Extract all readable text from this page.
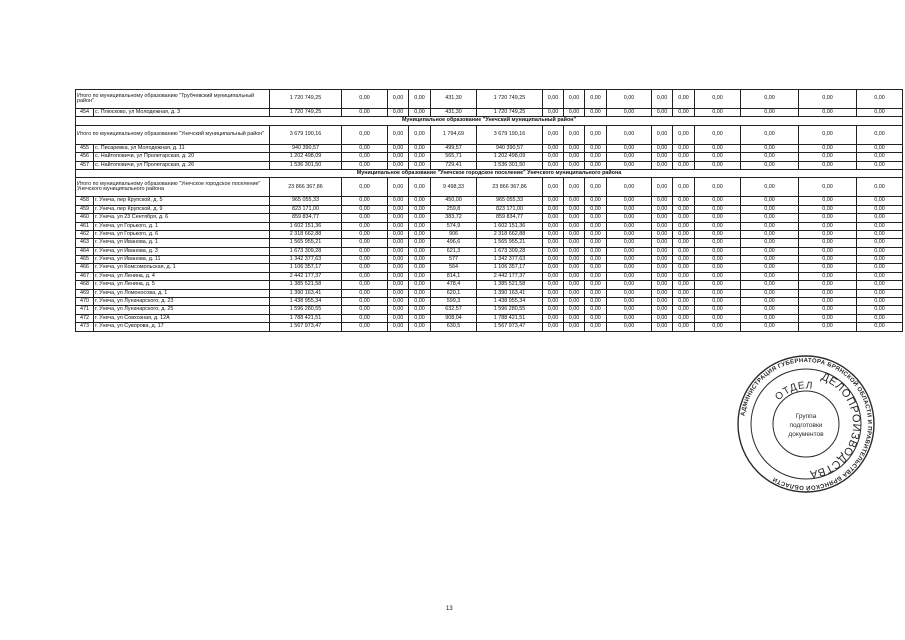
Итого по муниципальному образованию "Трубчевский муниципальный район"		1 720 749,25	0,00	0,00	0,00	431,30	1 720 749,25	0,00	0,00	0,00	0,00	0,00	0,00	0,00	0,00	0,00	0,00
454	с. Плюсково, ул Молодежная, д. 3	1 720 749,25	0,00	0,00	0,00	431,30	1 720 749,25	0,00	0,00	0,00	0,00	0,00	0,00	0,00	0,00	0,00	0,00
Муниципальное образование "Унечский муниципальный район"																	
Итого по муниципальному образованию "Унечский муниципальный район"		3 679 190,16	0,00	0,00	0,00	1 794,69	3 679 190,16	0,00	0,00	0,00	0,00	0,00	0,00	0,00	0,00	0,00	0,00
455	с. Писаревка, ул Молодежная, д. 11	940 390,57	0,00	0,00	0,00	499,57	940 390,57	0,00	0,00	0,00	0,00	0,00	0,00	0,00	0,00	0,00	0,00
456	с. Найтоповичи, ул Пролетарская, д. 20	1 202 498,09	0,00	0,00	0,00	565,71	1 202 498,09	0,00	0,00	0,00	0,00	0,00	0,00	0,00	0,00	0,00	0,00
457	с. Найтоповичи, ул Пролетарская, д. 26	1 536 301,50	0,00	0,00	0,00	729,41	1 536 301,50	0,00	0,00	0,00	0,00	0,00	0,00	0,00	0,00	0,00	0,00
Муниципальное образование "Унечское городское поселение" Унечского муниципального района																	
Итого по муниципальному образованию "Унечское городское поселение" Унечского муниципального района		23 866 367,86	0,00	0,00	0,00	9 498,33	23 866 367,86	0,00	0,00	0,00	0,00	0,00	0,00	0,00	0,00	0,00	0,00
458	г. Унеча, пер Крупской, д. 5	965 055,33	0,00	0,00	0,00	450,00	965 055,33	0,00	0,00	0,00	0,00	0,00	0,00	0,00	0,00	0,00	0,00
459	г. Унеча, пер Крупской, д. 9	823 171,00	0,00	0,00	0,00	259,8	823 171,00	0,00	0,00	0,00	0,00	0,00	0,00	0,00	0,00	0,00	0,00
460	г. Унеча, ул 23 Сентября, д. 6	859 834,77	0,00	0,00	0,00	383,72	859 834,77	0,00	0,00	0,00	0,00	0,00	0,00	0,00	0,00	0,00	0,00
461	г. Унеча, ул Горького, д. 1	1 602 151,36	0,00	0,00	0,00	574,9	1 602 151,36	0,00	0,00	0,00	0,00	0,00	0,00	0,00	0,00	0,00	0,00
462	г. Унеча, ул Горького, д. 6	2 318 662,88	0,00	0,00	0,00	906	2 318 662,88	0,00	0,00	0,00	0,00	0,00	0,00	0,00	0,00	0,00	0,00
463	г. Унеча, ул Иванова, д. 1	1 565 955,21	0,00	0,00	0,00	496,6	1 565 955,21	0,00	0,00	0,00	0,00	0,00	0,00	0,00	0,00	0,00	0,00
464	г. Унеча, ул Иванова, д. 3	1 673 309,28	0,00	0,00	0,00	621,3	1 673 309,28	0,00	0,00	0,00	0,00	0,00	0,00	0,00	0,00	0,00	0,00
465	г. Унеча, ул Иванова, д. 11	1 342 377,63	0,00	0,00	0,00	577	1 342 377,63	0,00	0,00	0,00	0,00	0,00	0,00	0,00	0,00	0,00	0,00
466	г. Унеча, ул Комсомольская, д. 1	1 106 357,17	0,00	0,00	0,00	564	1 106 357,17	0,00	0,00	0,00	0,00	0,00	0,00	0,00	0,00	0,00	0,00
467	г. Унеча, ул Ленина, д. 4	2 442 177,37	0,00	0,00	0,00	814,1	2 442 177,37	0,00	0,00	0,00	0,00	0,00	0,00	0,00	0,00	0,00	0,00
468	г. Унеча, ул Ленина, д. 5	1 385 521,58	0,00	0,00	0,00	478,4	1 385 521,58	0,00	0,00	0,00	0,00	0,00	0,00	0,00	0,00	0,00	0,00
469	г. Унеча, ул Ломоносова, д. 1	1 390 163,41	0,00	0,00	0,00	620,1	1 390 163,41	0,00	0,00	0,00	0,00	0,00	0,00	0,00	0,00	0,00	0,00
470	г. Унеча, ул Луначарского, д. 23	1 438 955,34	0,00	0,00	0,00	599,3	1 438 955,34	0,00	0,00	0,00	0,00	0,00	0,00	0,00	0,00	0,00	0,00
471	г. Унеча, ул Луначарского, д. 25	1 596 280,55	0,00	0,00	0,00	632,57	1 596 280,55	0,00	0,00	0,00	0,00	0,00	0,00	0,00	0,00	0,00	0,00
472	г. Унеча, ул Совхозная, д. 12А	1 788 421,51	0,00	0,00	0,00	908,04	1 788 421,51	0,00	0,00	0,00	0,00	0,00	0,00	0,00	0,00	0,00	0,00
473	г. Унеча, ул Суворова, д. 17	1 567 973,47	0,00	0,00	0,00	630,5	1 567 973,47	0,00	0,00	0,00	0,00	0,00	0,00	0,00	0,00	0,00	0,00
АДМИНИСТРАЦИЯ ГУБЕРНАТОРА БРЯНСКОЙ ОБЛАСТИ И ПРАВИТЕЛЬСТВА БРЯНСКОЙ ОБЛАСТИ
ДЕЛОПРОИЗВОДСТВА
ОТДЕЛ
Группа
подготовки
документов
13
